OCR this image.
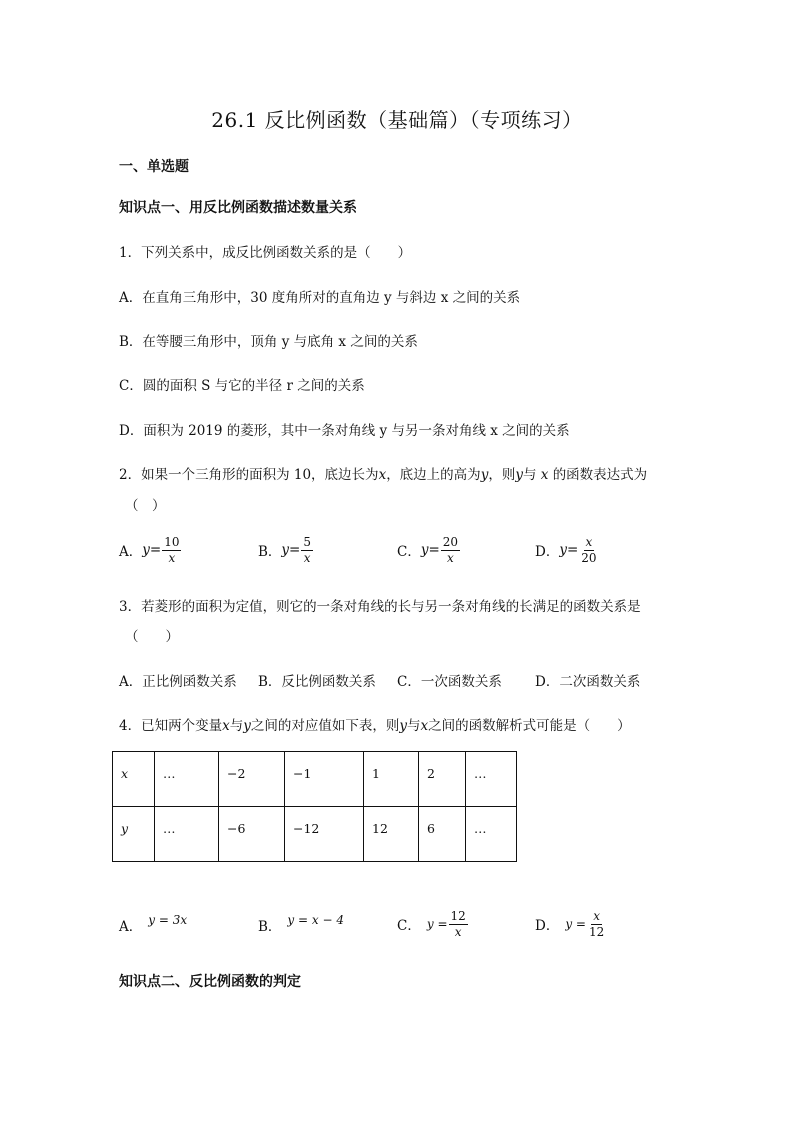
26.1 反比例函数（基础篇）（专项练习）
一、单选题
知识点一、用反比例函数描述数量关系
1．下列关系中，成反比例函数关系的是（　　）
A．在直角三角形中，30 度角所对的直角边 y 与斜边 x 之间的关系
B．在等腰三角形中，顶角 y 与底角 x 之间的关系
C．圆的面积 S 与它的半径 r 之间的关系
D．面积为 2019 的菱形，其中一条对角线 y 与另一条对角线 x 之间的关系
2．如果一个三角形的面积为 10，底边长为x，底边上的高为y，则y与 x 的函数表达式为
（　）
A． $y= \frac{10}{x}$	B． $y= \frac{5}{x}$	C． $y= \frac{20}{x}$	D． $y= \frac{x}{20}$
3．若菱形的面积为定值，则它的一条对角线的长与另一条对角线的长满足的函数关系是
（　　）
A．正比例函数关系 B．反比例函数关系 C．一次函数关系 D．二次函数关系
4．已知两个变量x与y之间的对应值如下表，则y与x之间的函数解析式可能是（　　）
x	…	−2	−1	1	2	…

y	…	−6	−12	12	6	…
A． y = 3x	B． y = x − 4	C． $y = \frac{12}{x}$	D． $y = \frac{x}{12}$
知识点二、反比例函数的判定
